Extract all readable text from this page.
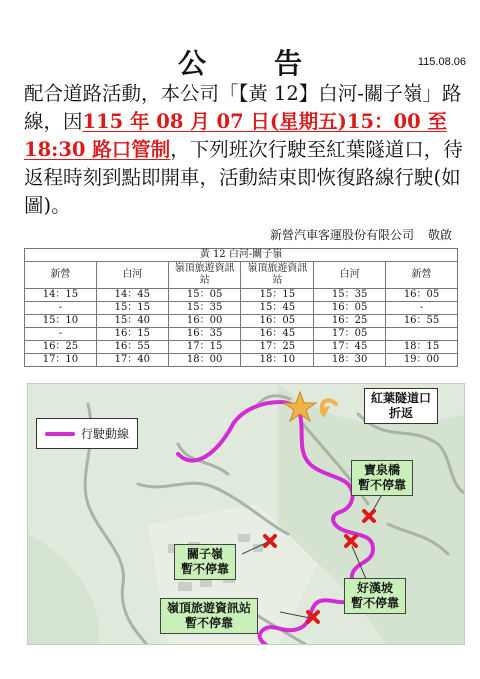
公　告	115.08.06

配合道路活動，本公司「【黃 12】白河-關子嶺」路線，因115 年 08 月 07 日(星期五)15：00 至 18:30 路口管制，下列班次行駛至紅葉隧道口，待返程時刻到點即開車，活動結束即恢復路線行駛(如圖)。

新營汽車客運股份有限公司 敬啟
黃 12 白河-關子嶺					
新營	白河	嶺頂旅遊資訊站	嶺頂旅遊資訊站	白河	新營
14：15	14：45	15：05	15：15	15：35	16：05
-	15：15	15：35	15：45	16：05	-
15：10	15：40	16：00	16：05	16：25	16：55
-	16：15	16：35	16：45	17：05	
16：25	16：55	17：15	17：25	17：45	18：15
17：10	17：40	18：00	18：10	18：30	19：00
行駛動線
紅葉隧道口
折返
寶泉橋
暫不停靠
關子嶺
暫不停靠
好漢坡
暫不停靠
嶺頂旅遊資訊站
暫不停靠
